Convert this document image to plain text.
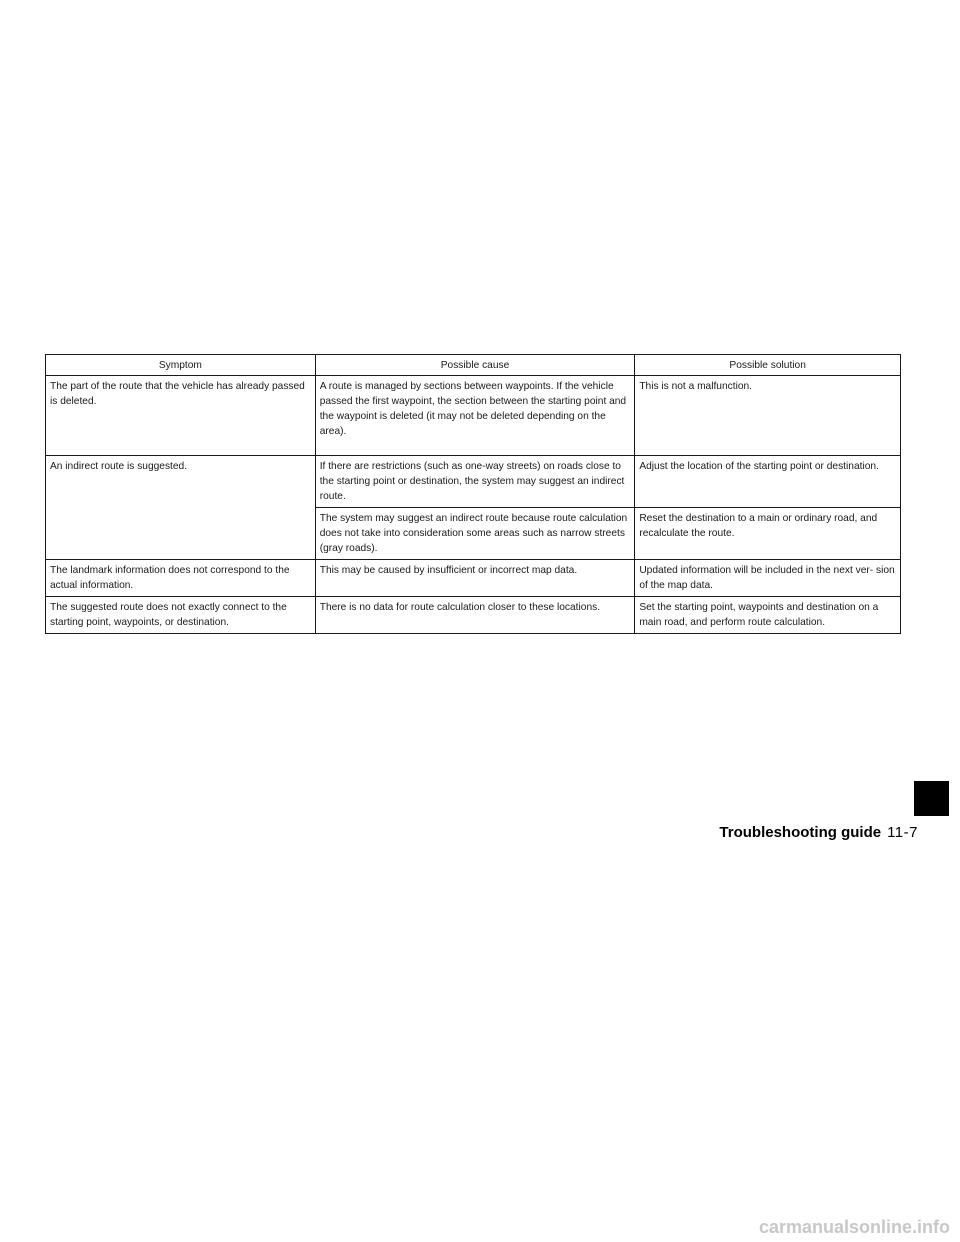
Symptom	Possible cause	Possible solution
The part of the route that the vehicle has already passed is deleted.	A route is managed by sections between waypoints. If the vehicle passed the first waypoint, the section between the starting point and the waypoint is deleted (it may not be deleted depending on the area).	This is not a malfunction.
An indirect route is suggested.	If there are restrictions (such as one-way streets) on roads close to the starting point or destination, the system may suggest an indirect route.	Adjust the location of the starting point or destination.
	The system may suggest an indirect route because route calculation does not take into consideration some areas such as narrow streets (gray roads).	Reset the destination to a main or ordinary road, and recalculate the route.
The landmark information does not correspond to the actual information.	This may be caused by insufficient or incorrect map data.	Updated information will be included in the next ver- sion of the map data.
The suggested route does not exactly connect to the starting point, waypoints, or destination.	There is no data for route calculation closer to these locations.	Set the starting point, waypoints and destination on a main road, and perform route calculation.
Troubleshooting guide 11-7
carmanualsonline.info
